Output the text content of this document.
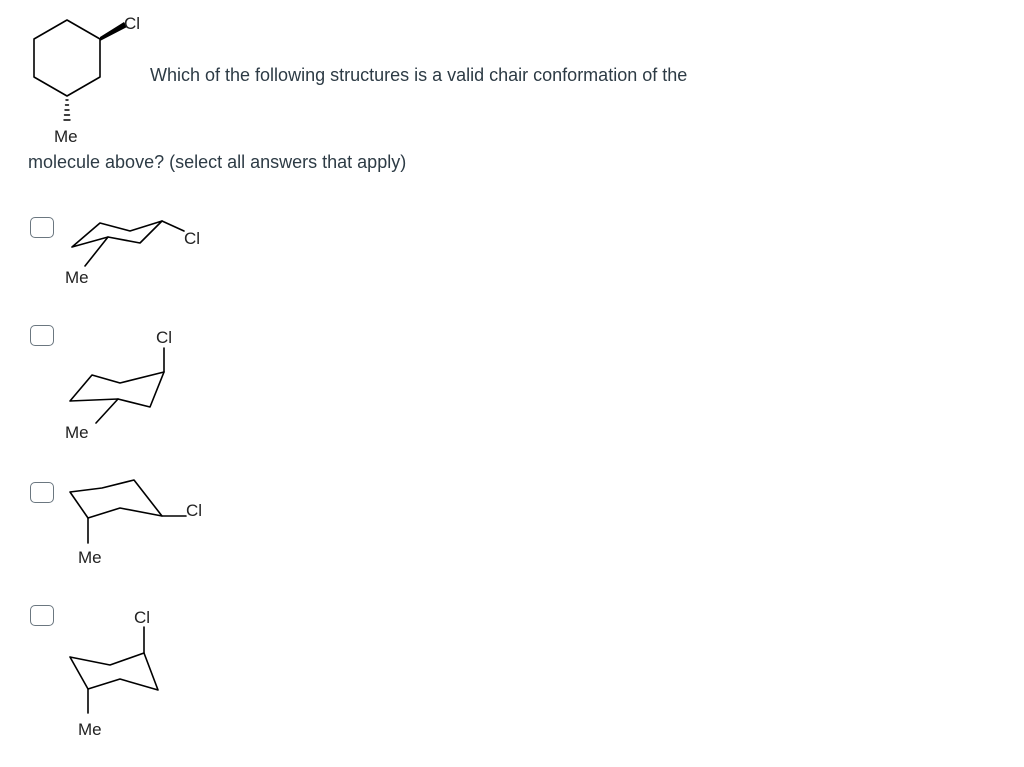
Cl
Me

Which of the following structures is a valid chair conformation of the

molecule above? (select all answers that apply)

Cl
Me
Cl
Me
Cl
Me
Cl
Me
